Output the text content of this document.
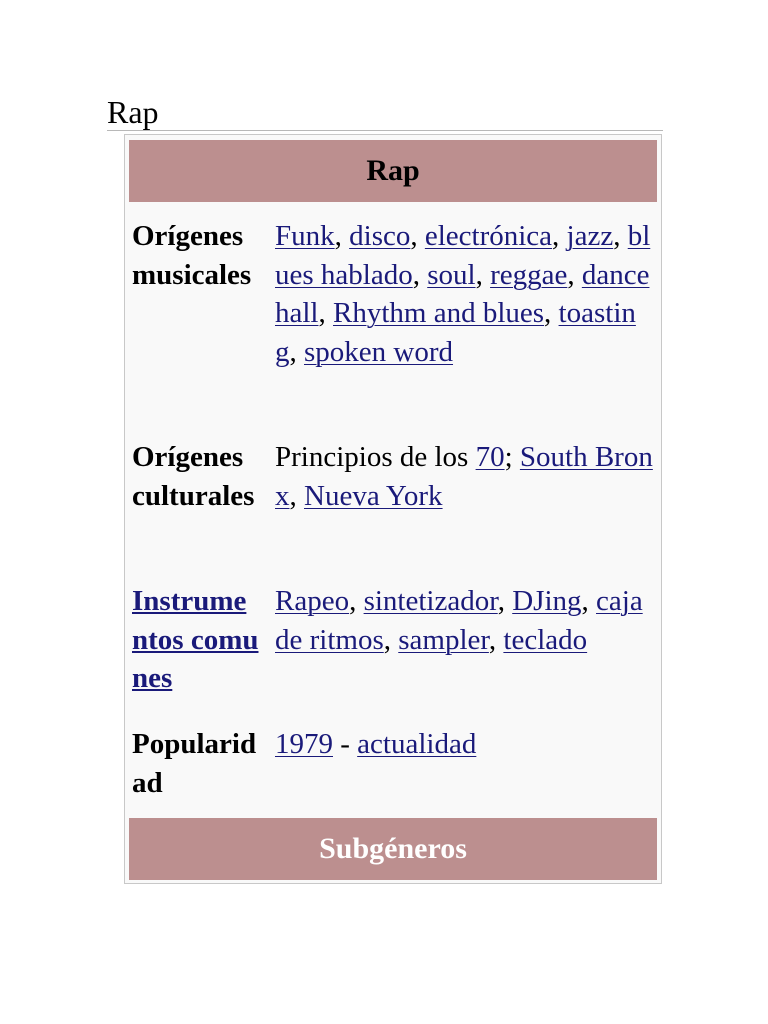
Rap
Rap
Orígenes musicales
Funk, disco, electrónica, jazz, blues hablado, soul, reggae, dancehall, Rhythm and blues, toasting, spoken word
Orígenes culturales
Principios de los 70; South Bronx, Nueva York
Instrumentos comunes
Rapeo, sintetizador, DJing, caja de ritmos, sampler, teclado
Popularidad
1979 - actualidad
Subgéneros
